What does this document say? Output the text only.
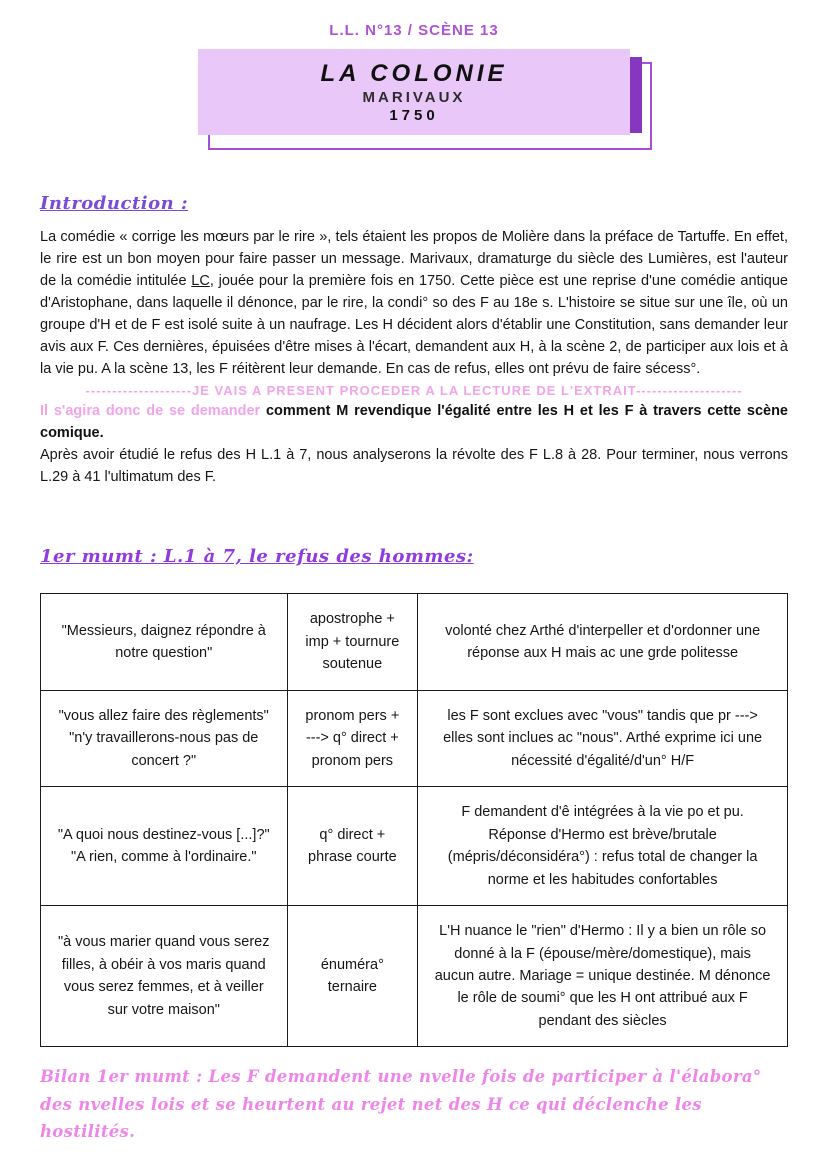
L.L. N°13 / SCÈNE 13
LA COLONIE
MARIVAUX
1750
Introduction :

La comédie « corrige les mœurs par le rire », tels étaient les propos de Molière dans la préface de Tartuffe. En effet, le rire est un bon moyen pour faire passer un message. Marivaux, dramaturge du siècle des Lumières, est l'auteur de la comédie intitulée LC, jouée pour la première fois en 1750. Cette pièce est une reprise d'une comédie antique d'Aristophane, dans laquelle il dénonce, par le rire, la condi° so des F au 18e s. L'histoire se situe sur une île, où un groupe d'H et de F est isolé suite à un naufrage. Les H décident alors d'établir une Constitution, sans demander leur avis aux F. Ces dernières, épuisées d'être mises à l'écart, demandent aux H, à la scène 2, de participer aux lois et à la vie pu. A la scène 13, les F réitèrent leur demande. En cas de refus, elles ont prévu de faire sécess°.

--------------------JE VAIS A PRESENT PROCEDER A LA LECTURE DE L'EXTRAIT--------------------

Il s'agira donc de se demander comment M revendique l'égalité entre les H et les F à travers cette scène comique.

Après avoir étudié le refus des H L.1 à 7, nous analyserons la révolte des F L.8 à 28. Pour terminer, nous verrons L.29 à 41 l'ultimatum des F.

1er mumt : L.1 à 7, le refus des hommes:
"Messieurs, daignez répondre à notre question"	apostrophe + imp + tournure soutenue	volonté chez Arthé d'interpeller et d'ordonner une réponse aux H mais ac une grde politesse
"vous allez faire des règlements" "n'y travaillerons-nous pas de concert ?"	pronom pers + ---> q° direct + pronom pers	les F sont exclues avec "vous" tandis que pr ---> elles sont inclues ac "nous". Arthé exprime ici une nécessité d'égalité/d'un° H/F
"A quoi nous destinez-vous [...]?" "A rien, comme à l'ordinaire."	q° direct + phrase courte	F demandent d'ê intégrées à la vie po et pu. Réponse d'Hermo est brève/brutale (mépris/déconsidéra°) : refus total de changer la norme et les habitudes confortables
"à vous marier quand vous serez filles, à obéir à vos maris quand vous serez femmes, et à veiller sur votre maison"	énuméra° ternaire	L'H nuance le "rien" d'Hermo : Il y a bien un rôle so donné à la F (épouse/mère/domestique), mais aucun autre. Mariage = unique destinée. M dénonce le rôle de soumi° que les H ont attribué aux F pendant des siècles
Bilan 1er mumt : Les F demandent une nvelle fois de participer à l'élabora° des nvelles lois et se heurtent au rejet net des H ce qui déclenche les hostilités.
